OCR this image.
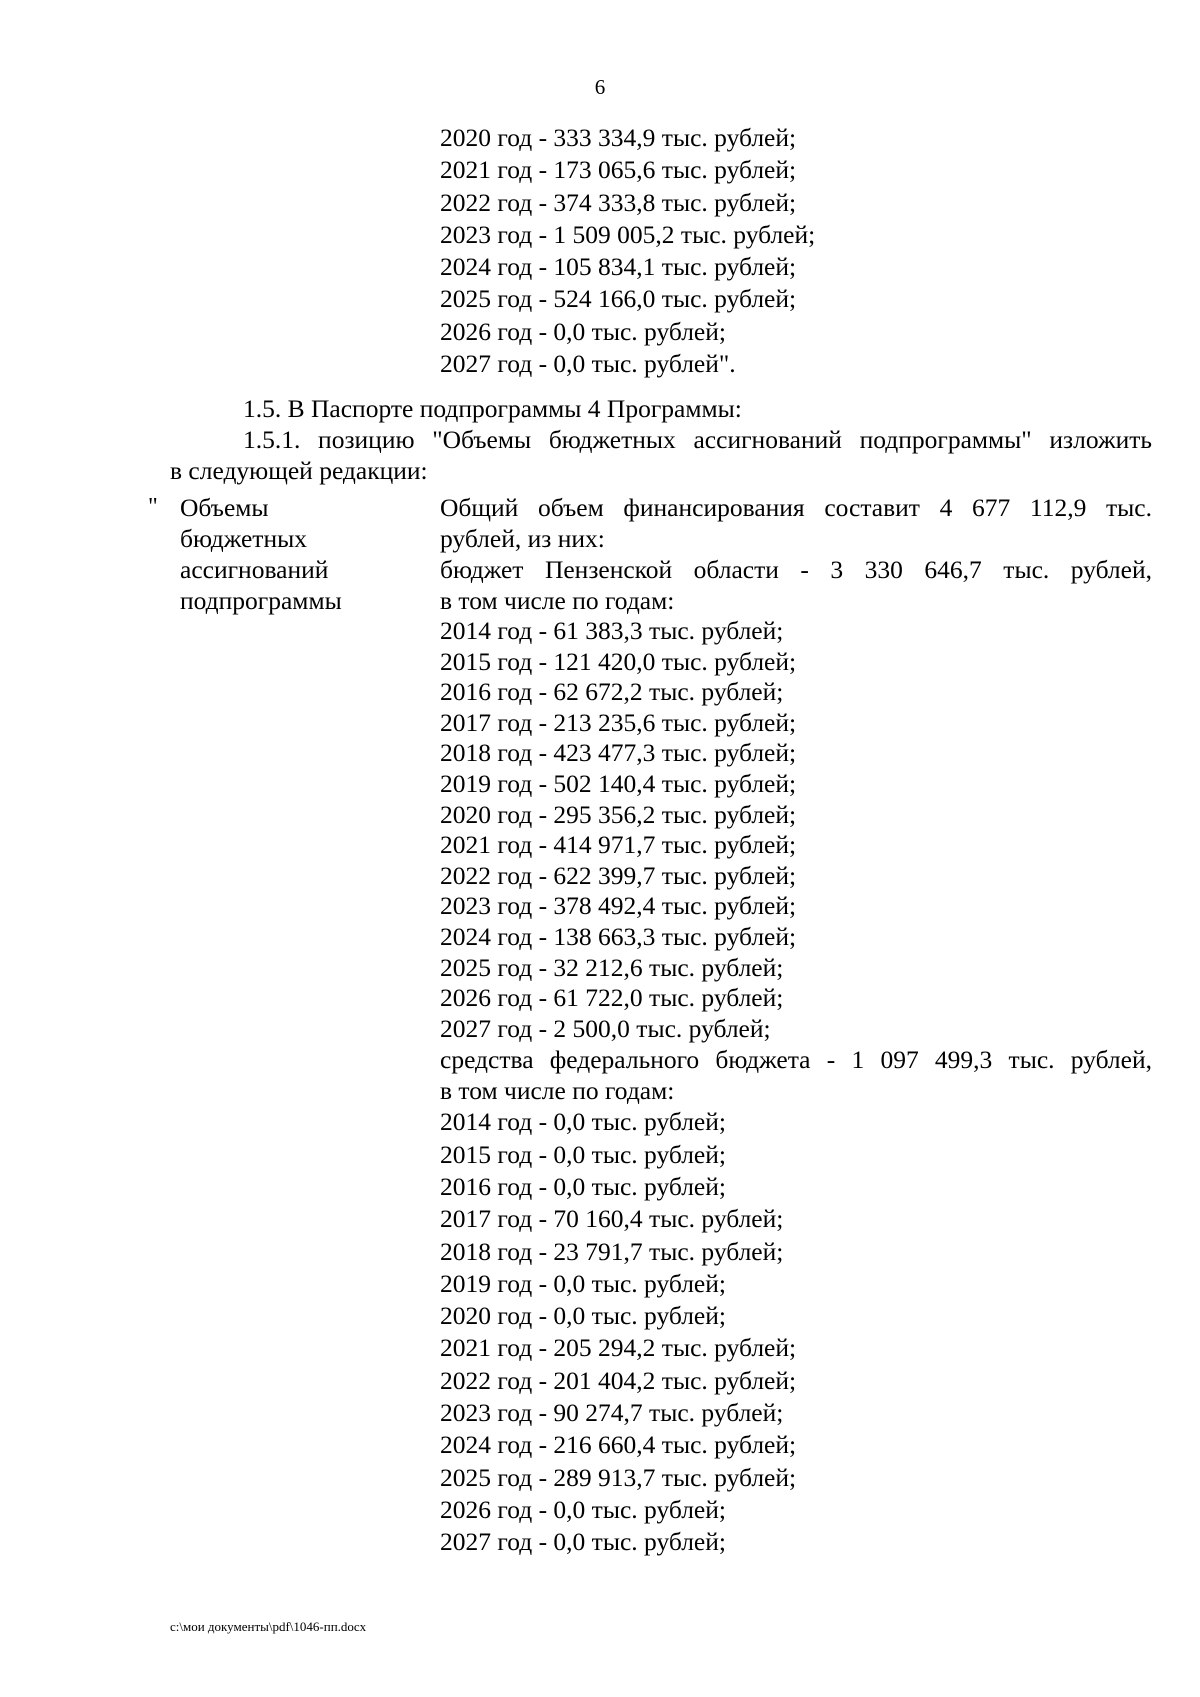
6
2020 год - 333 334,9 тыс. рублей;
2021 год - 173 065,6 тыс. рублей;
2022 год - 374 333,8 тыс. рублей;
2023 год - 1 509 005,2 тыс. рублей;
2024 год - 105 834,1 тыс. рублей;
2025 год - 524 166,0 тыс. рублей;
2026 год - 0,0 тыс. рублей;
2027 год - 0,0 тыс. рублей".
1.5. В Паспорте подпрограммы 4 Программы:
1.5.1. позицию "Объемы бюджетных ассигнований подпрограммы" изложить
в следующей редакции:
" Объемы
бюджетных
ассигнований
подпрограммы
Общий объем финансирования составит 4 677 112,9 тыс.
рублей, из них:
бюджет Пензенской области - 3 330 646,7 тыс. рублей,
в том числе по годам:
2014 год - 61 383,3 тыс. рублей;
2015 год - 121 420,0 тыс. рублей;
2016 год - 62 672,2 тыс. рублей;
2017 год - 213 235,6 тыс. рублей;
2018 год - 423 477,3 тыс. рублей;
2019 год - 502 140,4 тыс. рублей;
2020 год - 295 356,2 тыс. рублей;
2021 год - 414 971,7 тыс. рублей;
2022 год - 622 399,7 тыс. рублей;
2023 год - 378 492,4 тыс. рублей;
2024 год - 138 663,3 тыс. рублей;
2025 год - 32 212,6 тыс. рублей;
2026 год - 61 722,0 тыс. рублей;
2027 год - 2 500,0 тыс. рублей;
средства федерального бюджета - 1 097 499,3 тыс. рублей,
в том числе по годам:
2014 год - 0,0 тыс. рублей;
2015 год - 0,0 тыс. рублей;
2016 год - 0,0 тыс. рублей;
2017 год - 70 160,4 тыс. рублей;
2018 год - 23 791,7 тыс. рублей;
2019 год - 0,0 тыс. рублей;
2020 год - 0,0 тыс. рублей;
2021 год - 205 294,2 тыс. рублей;
2022 год - 201 404,2 тыс. рублей;
2023 год - 90 274,7 тыс. рублей;
2024 год - 216 660,4 тыс. рублей;
2025 год - 289 913,7 тыс. рублей;
2026 год - 0,0 тыс. рублей;
2027 год - 0,0 тыс. рублей;
c:\мои документы\pdf\1046-пп.docx
